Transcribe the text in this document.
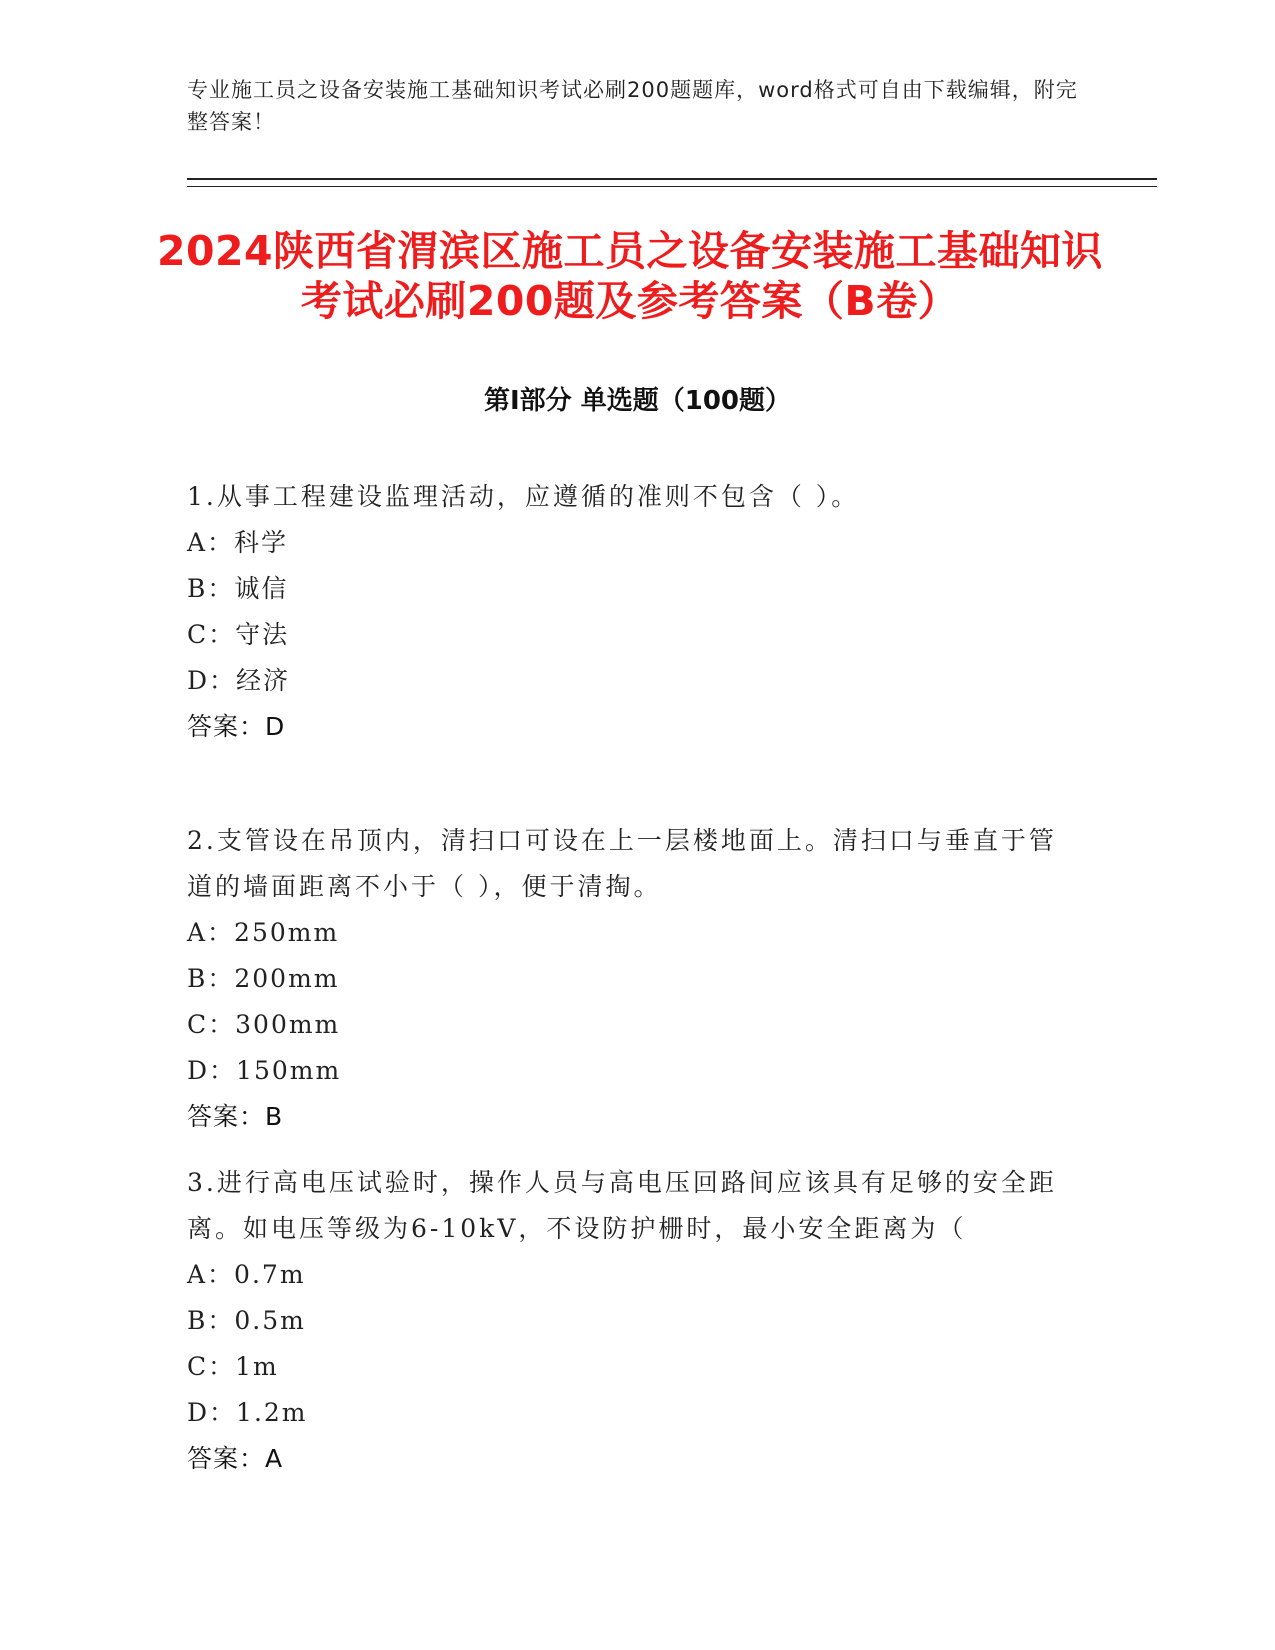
专业施工员之设备安装施工基础知识考试必刷200题题库，word格式可自由下载编辑，附完整答案！
2024陕西省渭滨区施工员之设备安装施工基础知识考试必刷200题及参考答案（B卷）
第Ⅰ部分 单选题（100题）
1.从事工程建设监理活动，应遵循的准则不包含（ ）。
A：科学
B：诚信
C：守法
D：经济
答案：D
2.支管设在吊顶内，清扫口可设在上一层楼地面上。清扫口与垂直于管道的墙面距离不小于（ ），便于清掏。
A：250mm
B：200mm
C：300mm
D：150mm
答案：B
3.进行高电压试验时，操作人员与高电压回路间应该具有足够的安全距离。如电压等级为6-10kV，不设防护栅时，最小安全距离为（
A：0.7m
B：0.5m
C：1m
D：1.2m
答案：A
